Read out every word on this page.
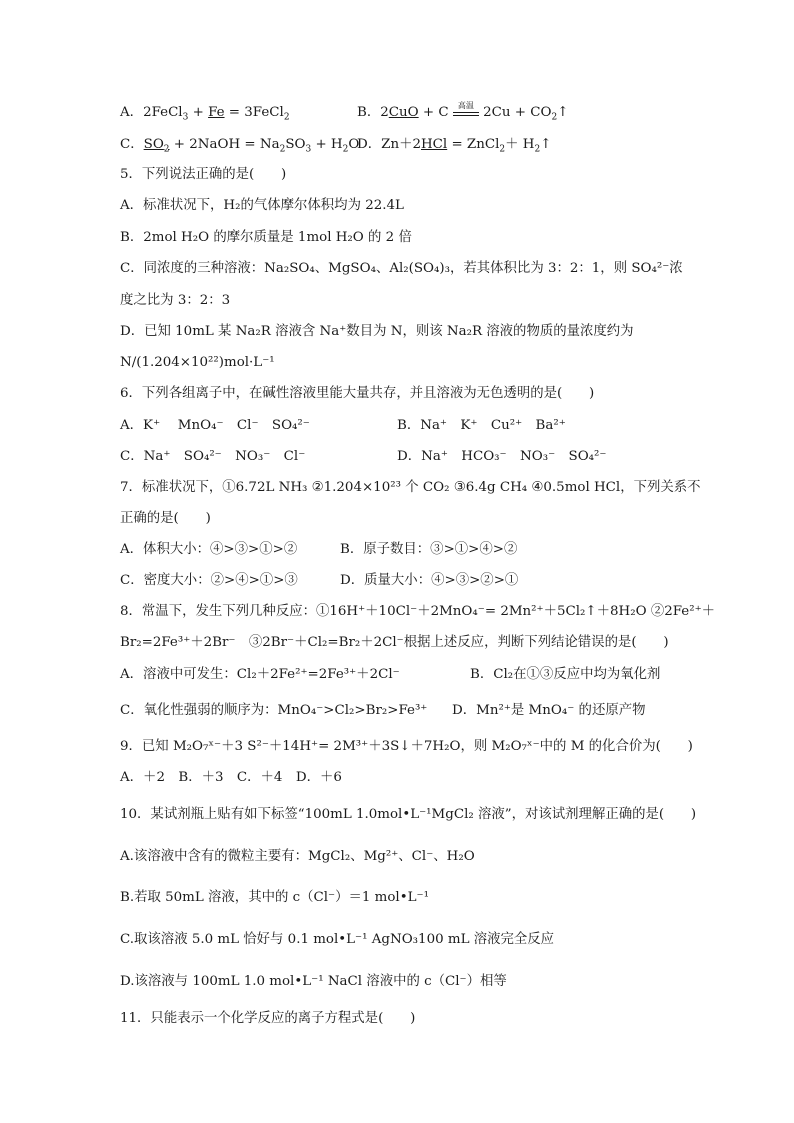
A．2FeCl$_3$ + Fe = 3FeCl$_2$	B．2CuO + C 高温 $2Cu + CO_2↑$
C．$SO_2$ + 2NaOH = $Na_2SO_3 + H_2O$
D．Zn＋2HCl = ZnCl$_2$＋ $H_2↑$
5．下列说法正确的是(　　)
A．标准状况下，H₂的气体摩尔体积均为 22.4L
B．2mol H₂O 的摩尔质量是 1mol H₂O 的 2 倍
C．同浓度的三种溶液：Na₂SO₄、MgSO₄、Al₂(SO₄)₃，若其体积比为 3：2：1，则 SO₄²⁻浓
度之比为 3：2：3
D．已知 10mL 某 Na₂R 溶液含 Na⁺数目为 N，则该 Na₂R 溶液的物质的量浓度约为
N/(1.204×10²²)mol·L⁻¹
6．下列各组离子中，在碱性溶液里能大量共存，并且溶液为无色透明的是(　　)
A．K⁺　 MnO₄⁻　Cl⁻　SO₄²⁻	B．Na⁺　K⁺　Cu²⁺　Ba²⁺
C．Na⁺　SO₄²⁻　NO₃⁻　Cl⁻	D．Na⁺　HCO₃⁻　NO₃⁻　SO₄²⁻
7．标准状况下，①6.72L NH₃ ②1.204×10²³ 个 CO₂ ③6.4g CH₄ ④0.5mol HCl，下列关系不
正确的是(　　)
A．体积大小：④>③>①>②	B．原子数目：③>①>④>②
C．密度大小：②>④>①>③	D．质量大小：④>③>②>①
8．常温下，发生下列几种反应：①16H⁺＋10Cl⁻＋2MnO₄⁻= 2Mn²⁺＋5Cl₂↑＋8H₂O ②2Fe²⁺＋
Br₂=2Fe³⁺＋2Br⁻　③2Br⁻＋Cl₂=Br₂＋2Cl⁻根据上述反应，判断下列结论错误的是(　　)
A．溶液中可发生：Cl₂＋2Fe²⁺=2Fe³⁺＋2Cl⁻	B．Cl₂在①③反应中均为氧化剂
C．氧化性强弱的顺序为：MnO₄⁻>Cl₂>Br₂>Fe³⁺ D．Mn²⁺是 MnO₄⁻ 的还原产物
9．已知 M₂O₇ˣ⁻＋3 S²⁻＋14H⁺= 2M³⁺＋3S↓＋7H₂O，则 M₂O₇ˣ⁻中的 M 的化合价为(　　)
A．＋2　B．＋3　C．＋4　D．＋6
10．某试剂瓶上贴有如下标签“100mL 1.0mol•L⁻¹MgCl₂ 溶液”，对该试剂理解正确的是(　　)
A.该溶液中含有的微粒主要有：MgCl₂、Mg²⁺、Cl⁻、H₂O
B.若取 50mL 溶液，其中的 c（Cl⁻）＝1 mol•L⁻¹
C.取该溶液 5.0 mL 恰好与 0.1 mol•L⁻¹ AgNO₃100 mL 溶液完全反应
D.该溶液与 100mL 1.0 mol•L⁻¹ NaCl 溶液中的 c（Cl⁻）相等
11．只能表示一个化学反应的离子方程式是(　　)
